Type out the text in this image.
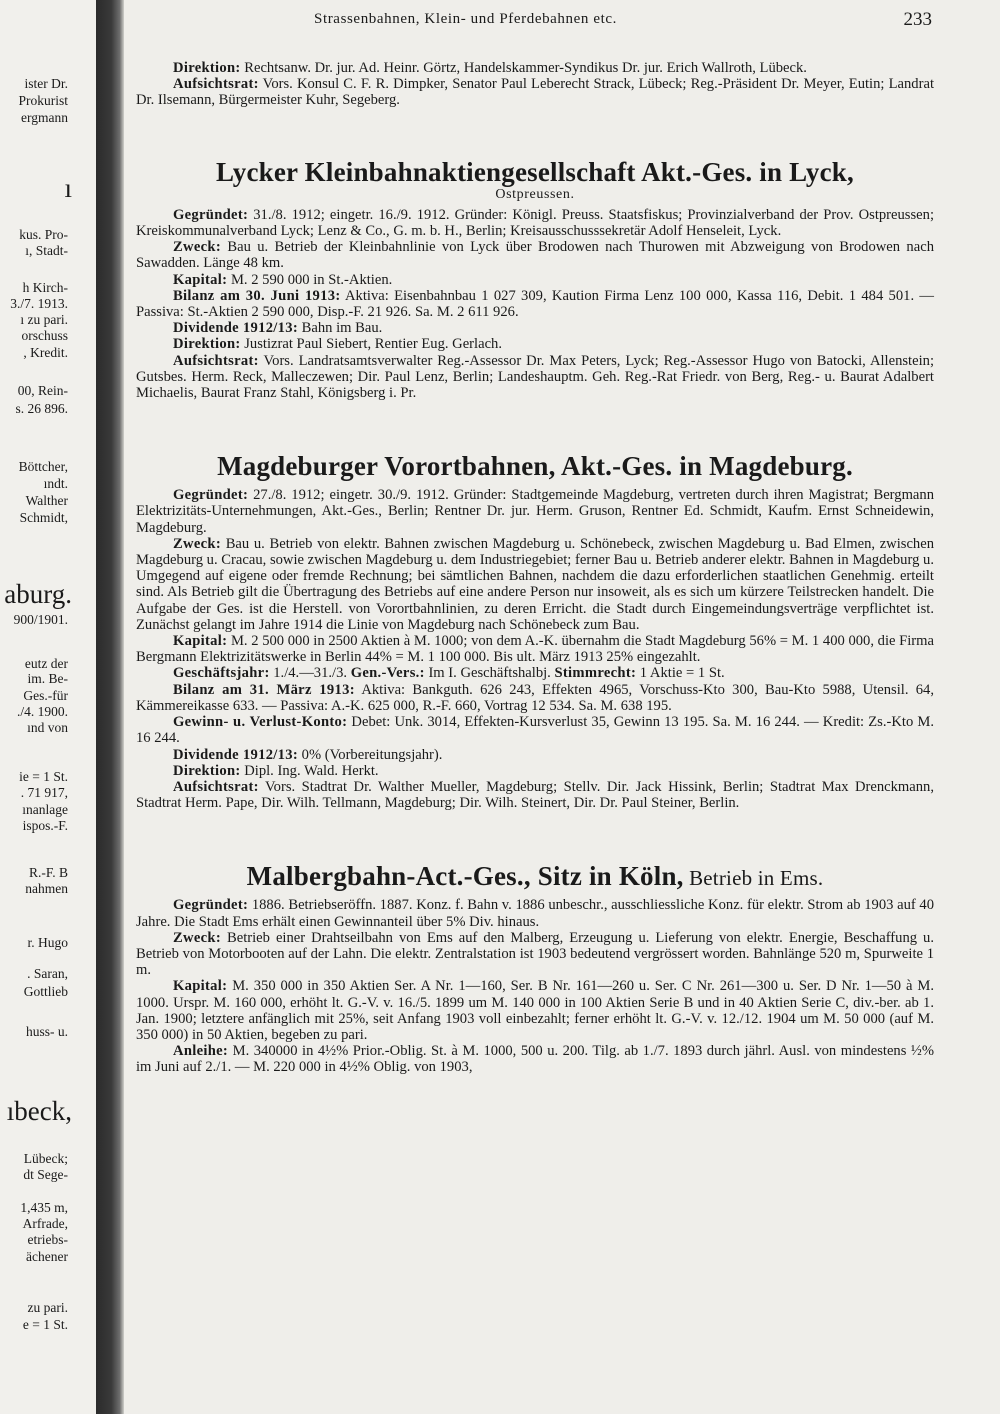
ister Dr.
Prokurist
ergmann
ı
kus. Pro-
ı, Stadt-
h Kirch-
3./7. 1913.
ı zu pari.
orschuss
, Kredit.
00, Rein-
s. 26 896.
Böttcher,
ındt.
Walther
Schmidt,
aburg.
900/1901.
eutz der
im. Be-
Ges.-für
./4. 1900.
ınd von
ie = 1 St.
. 71 917,
ınanlage
ispos.-F.
R.-F. B
nahmen
r. Hugo
. Saran,
Gottlieb
huss- u.
ıbeck,
Lübeck;
dt Sege-
1,435 m,
Arfrade,
etriebs-
ächener
zu pari.
e = 1 St.
Strassenbahnen, Klein- und Pferdebahnen etc.	233

Direktion: Rechtsanw. Dr. jur. Ad. Heinr. Görtz, Handelskammer-Syndikus Dr. jur. Erich Wallroth, Lübeck.

Aufsichtsrat: Vors. Konsul C. F. R. Dimpker, Senator Paul Leberecht Strack, Lübeck; Reg.-Präsident Dr. Meyer, Eutin; Landrat Dr. Ilsemann, Bürgermeister Kuhr, Segeberg.

Lycker Kleinbahnaktiengesellschaft Akt.-Ges. in Lyck,
Ostpreussen.

Gegründet: 31./8. 1912; eingetr. 16./9. 1912. Gründer: Königl. Preuss. Staatsfiskus; Provinzialverband der Prov. Ostpreussen; Kreiskommunalverband Lyck; Lenz & Co., G. m. b. H., Berlin; Kreisausschusssekretär Adolf Henseleit, Lyck.

Zweck: Bau u. Betrieb der Kleinbahnlinie von Lyck über Brodowen nach Thurowen mit Abzweigung von Brodowen nach Sawadden. Länge 48 km.

Kapital: M. 2 590 000 in St.-Aktien.

Bilanz am 30. Juni 1913: Aktiva: Eisenbahnbau 1 027 309, Kaution Firma Lenz 100 000, Kassa 116, Debit. 1 484 501. — Passiva: St.-Aktien 2 590 000, Disp.-F. 21 926. Sa. M. 2 611 926.

Dividende 1912/13: Bahn im Bau.

Direktion: Justizrat Paul Siebert, Rentier Eug. Gerlach.

Aufsichtsrat: Vors. Landratsamtsverwalter Reg.-Assessor Dr. Max Peters, Lyck; Reg.-Assessor Hugo von Batocki, Allenstein; Gutsbes. Herm. Reck, Malleczewen; Dir. Paul Lenz, Berlin; Landeshauptm. Geh. Reg.-Rat Friedr. von Berg, Reg.- u. Baurat Adalbert Michaelis, Baurat Franz Stahl, Königsberg i. Pr.

Magdeburger Vorortbahnen, Akt.-Ges. in Magdeburg.

Gegründet: 27./8. 1912; eingetr. 30./9. 1912. Gründer: Stadtgemeinde Magdeburg, vertreten durch ihren Magistrat; Bergmann Elektrizitäts-Unternehmungen, Akt.-Ges., Berlin; Rentner Dr. jur. Herm. Gruson, Rentner Ed. Schmidt, Kaufm. Ernst Schneidewin, Magdeburg.

Zweck: Bau u. Betrieb von elektr. Bahnen zwischen Magdeburg u. Schönebeck, zwischen Magdeburg u. Bad Elmen, zwischen Magdeburg u. Cracau, sowie zwischen Magdeburg u. dem Industriegebiet; ferner Bau u. Betrieb anderer elektr. Bahnen in Magdeburg u. Umgegend auf eigene oder fremde Rechnung; bei sämtlichen Bahnen, nachdem die dazu erforderlichen staatlichen Genehmig. erteilt sind. Als Betrieb gilt die Übertragung des Betriebs auf eine andere Person nur insoweit, als es sich um kürzere Teilstrecken handelt. Die Aufgabe der Ges. ist die Herstell. von Vorortbahnlinien, zu deren Erricht. die Stadt durch Eingemeindungsverträge verpflichtet ist. Zunächst gelangt im Jahre 1914 die Linie von Magdeburg nach Schönebeck zum Bau.

Kapital: M. 2 500 000 in 2500 Aktien à M. 1000; von dem A.-K. übernahm die Stadt Magdeburg 56% = M. 1 400 000, die Firma Bergmann Elektrizitätswerke in Berlin 44% = M. 1 100 000. Bis ult. März 1913 25% eingezahlt.

Geschäftsjahr: 1./4.—31./3. Gen.-Vers.: Im I. Geschäftshalbj. Stimmrecht: 1 Aktie = 1 St.

Bilanz am 31. März 1913: Aktiva: Bankguth. 626 243, Effekten 4965, Vorschuss-Kto 300, Bau-Kto 5988, Utensil. 64, Kämmereikasse 633. — Passiva: A.-K. 625 000, R.-F. 660, Vortrag 12 534. Sa. M. 638 195.

Gewinn- u. Verlust-Konto: Debet: Unk. 3014, Effekten-Kursverlust 35, Gewinn 13 195. Sa. M. 16 244. — Kredit: Zs.-Kto M. 16 244.

Dividende 1912/13: 0% (Vorbereitungsjahr).

Direktion: Dipl. Ing. Wald. Herkt.

Aufsichtsrat: Vors. Stadtrat Dr. Walther Mueller, Magdeburg; Stellv. Dir. Jack Hissink, Berlin; Stadtrat Max Drenckmann, Stadtrat Herm. Pape, Dir. Wilh. Tellmann, Magdeburg; Dir. Wilh. Steinert, Dir. Dr. Paul Steiner, Berlin.

Malbergbahn-Act.-Ges., Sitz in Köln, Betrieb in Ems.

Gegründet: 1886. Betriebseröffn. 1887. Konz. f. Bahn v. 1886 unbeschr., ausschliessliche Konz. für elektr. Strom ab 1903 auf 40 Jahre. Die Stadt Ems erhält einen Gewinnanteil über 5% Div. hinaus.

Zweck: Betrieb einer Drahtseilbahn von Ems auf den Malberg, Erzeugung u. Lieferung von elektr. Energie, Beschaffung u. Betrieb von Motorbooten auf der Lahn. Die elektr. Zentralstation ist 1903 bedeutend vergrössert worden. Bahnlänge 520 m, Spurweite 1 m.

Kapital: M. 350 000 in 350 Aktien Ser. A Nr. 1—160, Ser. B Nr. 161—260 u. Ser. C Nr. 261—300 u. Ser. D Nr. 1—50 à M. 1000. Urspr. M. 160 000, erhöht lt. G.-V. v. 16./5. 1899 um M. 140 000 in 100 Aktien Serie B und in 40 Aktien Serie C, div.-ber. ab 1. Jan. 1900; letztere anfänglich mit 25%, seit Anfang 1903 voll einbezahlt; ferner erhöht lt. G.-V. v. 12./12. 1904 um M. 50 000 (auf M. 350 000) in 50 Aktien, begeben zu pari.

Anleihe: M. 340000 in 4½% Prior.-Oblig. St. à M. 1000, 500 u. 200. Tilg. ab 1./7. 1893 durch jährl. Ausl. von mindestens ½% im Juni auf 2./1. — M. 220 000 in 4½% Oblig. von 1903,
